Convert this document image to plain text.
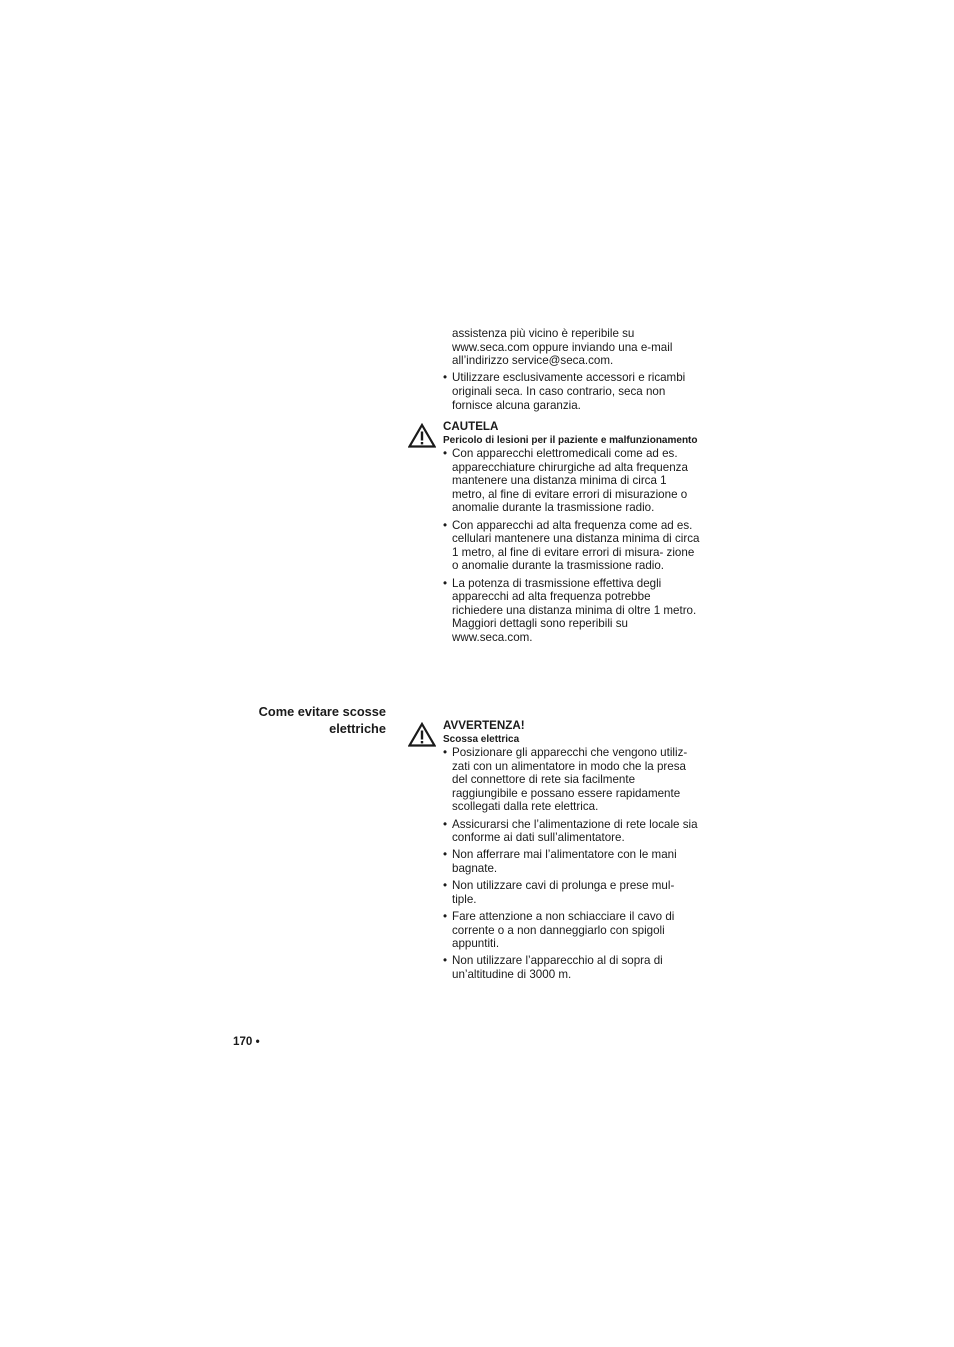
assistenza più vicino è reperibile su www.seca.com oppure inviando una e-mail all’indirizzo service@seca.com.

• Utilizzare esclusivamente accessori e ricambi originali seca. In caso contrario, seca non fornisce alcuna garanzia.
CAUTELA
Pericolo di lesioni per il paziente e malfunzionamento
• Con apparecchi elettromedicali come ad es. apparecchiature chirurgiche ad alta frequenza mantenere una distanza minima di circa 1 metro, al fine di evitare errori di misurazione o anomalie durante la trasmissione radio.
• Con apparecchi ad alta frequenza come ad es. cellulari mantenere una distanza minima di circa 1 metro, al fine di evitare errori di misura- zione o anomalie durante la trasmissione radio.
• La potenza di trasmissione effettiva degli apparecchi ad alta frequenza potrebbe richiedere una distanza minima di oltre 1 metro. Maggiori dettagli sono reperibili su www.seca.com.
Come evitare scosse
elettriche	AVVERTENZA!
Scossa elettrica
• Posizionare gli apparecchi che vengono utiliz- zati con un alimentatore in modo che la presa del connettore di rete sia facilmente raggiungibile e possano essere rapidamente scollegati dalla rete elettrica.
• Assicurarsi che l’alimentazione di rete locale sia conforme ai dati sull’alimentatore.
• Non afferrare mai l’alimentatore con le mani bagnate.
• Non utilizzare cavi di prolunga e prese mul- tiple.
• Fare attenzione a non schiacciare il cavo di corrente o a non danneggiarlo con spigoli appuntiti.
• Non utilizzare l’apparecchio al di sopra di un’altitudine di 3000 m.
170 •
